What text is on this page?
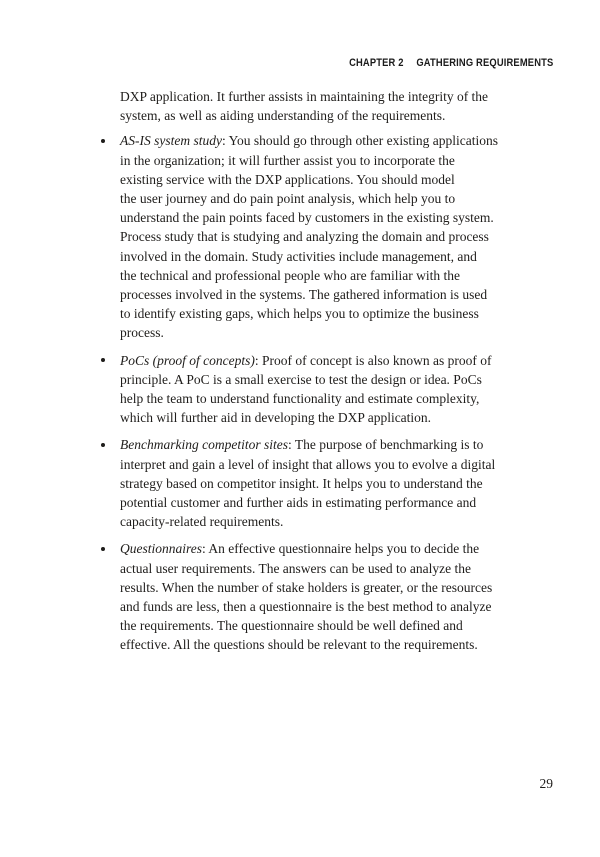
CHAPTER 2 GATHERING REQUIREMENTS
DXP application. It further assists in maintaining the integrity of the
system, as well as aiding understanding of the requirements.
AS-IS system study: You should go through other existing applications
in the organization; it will further assist you to incorporate the
existing service with the DXP applications. You should model
the user journey and do pain point analysis, which help you to
understand the pain points faced by customers in the existing system.
Process study that is studying and analyzing the domain and process
involved in the domain. Study activities include management, and
the technical and professional people who are familiar with the
processes involved in the systems. The gathered information is used
to identify existing gaps, which helps you to optimize the business
process.
PoCs (proof of concepts): Proof of concept is also known as proof of
principle. A PoC is a small exercise to test the design or idea. PoCs
help the team to understand functionality and estimate complexity,
which will further aid in developing the DXP application.
Benchmarking competitor sites: The purpose of benchmarking is to
interpret and gain a level of insight that allows you to evolve a digital
strategy based on competitor insight. It helps you to understand the
potential customer and further aids in estimating performance and
capacity-related requirements.
Questionnaires: An effective questionnaire helps you to decide the
actual user requirements. The answers can be used to analyze the
results. When the number of stake holders is greater, or the resources
and funds are less, then a questionnaire is the best method to analyze
the requirements. The questionnaire should be well defined and
effective. All the questions should be relevant to the requirements.
29
